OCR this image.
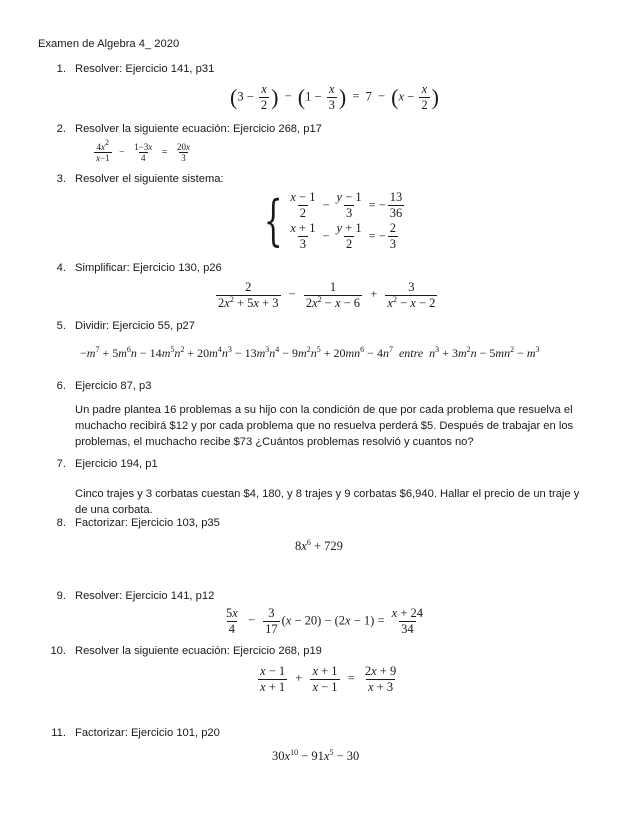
Examen de Algebra 4_ 2020
1. Resolver: Ejercicio 141, p31
($3 - \frac{x}{2}$ ) − ($1 - \frac{x}{3}$ ) = $7 - (x - \frac{x}{2}$ )
2. Resolver la siguiente ecuación: Ejercicio 268, p17
$\frac{4x^2}{x-1} - \frac{1-3x}{4} = \frac{20x}{3}$
3. Resolver el siguiente sistema:
{ $\frac{x - 1}{2} - \frac{y - 1}{3}$ = − $\frac{13}{36}$
$\frac{x + 1}{3} - \frac{y + 1}{2}$ = − $\frac{2}{3}$
4. Simplificar: Ejercicio 130, p26
$\frac{2}{2x^2 + 5x + 3} - \frac{1}{2x^2 - x - 6} + \frac{3}{x^2 - x - 2}$
5. Dividir: Ejercicio 55, p27
$-m^7 + 5m^6n - 14m^5n^2 + 20m^4n^3 - 13m^3n^4 - 9m^2n^5 + 20mn^6 - 4n^7$ entre $n^3 + 3m^2n - 5mn^2 - m^3$
6. Ejercicio 87, p3
Un padre plantea 16 problemas a su hijo con la condición de que por cada problema que resuelva el muchacho recibirá $12 y por cada problema que no resuelva perderá $5. Después de trabajar en los problemas, el muchacho recibe $73 ¿Cuántos problemas resolvió y cuantos no?
7. Ejercicio 194, p1
Cinco trajes y 3 corbatas cuestan $4, 180, y 8 trajes y 9 corbatas $6,940. Hallar el precio de un traje y de una corbata.
8. Factorizar: Ejercicio 103, p35
$8x^6 + 729$
9. Resolver: Ejercicio 141, p12
$\frac{5x}{4} - \frac{3}{17} (x - 20) - (2x - 1) = \frac{x + 24}{34}$
10. Resolver la siguiente ecuación: Ejercicio 268, p19
$\frac{x - 1}{x + 1} + \frac{x + 1}{x - 1} = \frac{2x + 9}{x + 3}$
11. Factorizar: Ejercicio 101, p20
$30x^{10} - 91x^5 - 30$
